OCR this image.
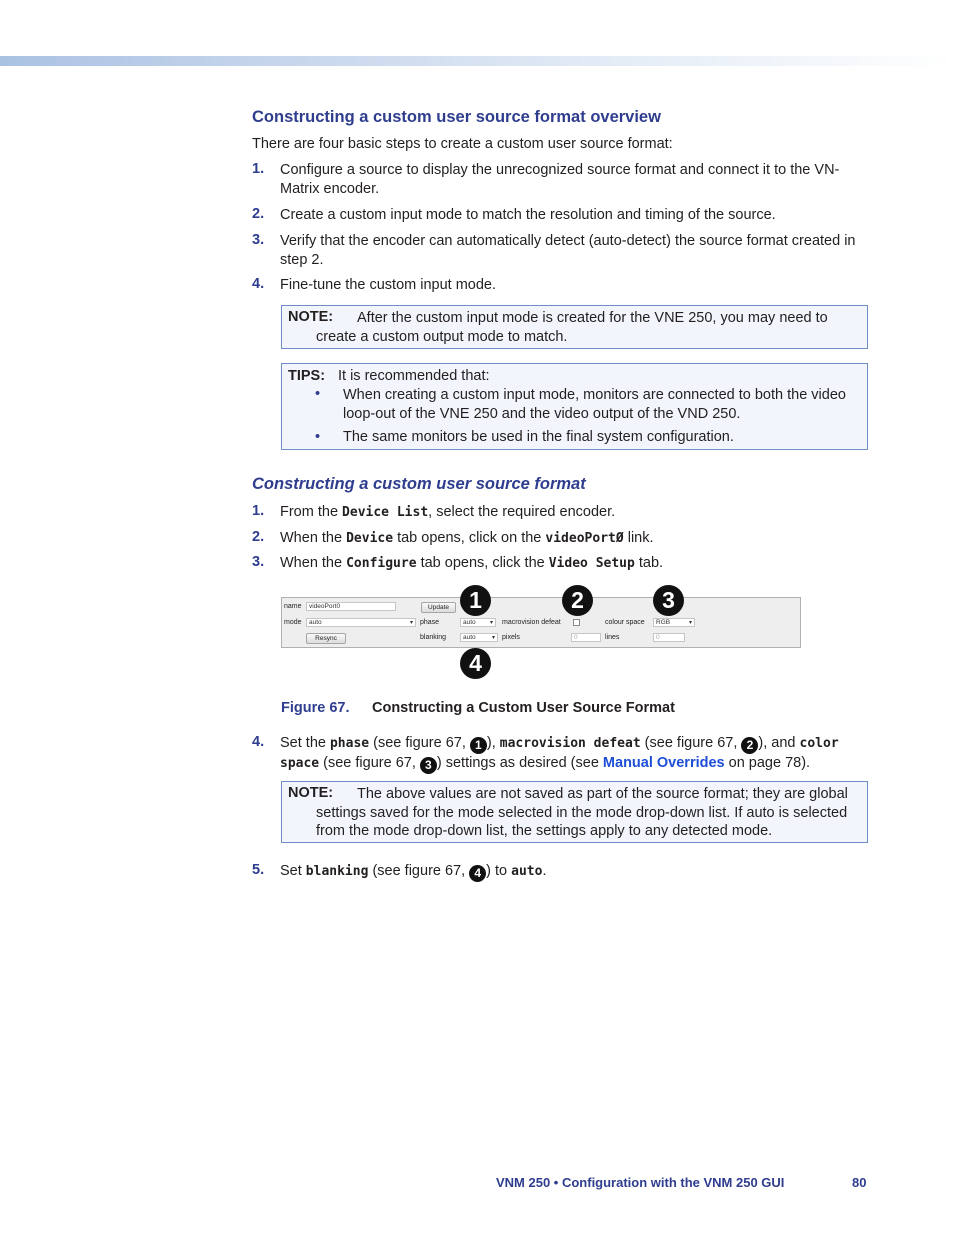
Constructing a custom user source format overview
There are four basic steps to create a custom user source format:
1. Configure a source to display the unrecognized source format and connect it to the VN-Matrix encoder.
2. Create a custom input mode to match the resolution and timing of the source.
3. Verify that the encoder can automatically detect (auto-detect) the source format created in step 2.
4. Fine-tune the custom input mode.
NOTE:	After the custom input mode is created for the VNE 250, you may need to create a custom output mode to match.
TIPS: It is recommended that:
• When creating a custom input mode, monitors are connected to both the video loop-out of the VNE 250 and the video output of the VND 250.
• The same monitors be used in the final system configuration.
Constructing a custom user source format
1. From the Device List, select the required encoder.
2. When the Device tab opens, click on the videoPortØ link.
3. When the Configure tab opens, click the Video Setup tab.
name	videoPort0	Update
mode	auto	▾
Resync
phase	auto ▾
blanking	auto	▾
macrovision defeat
pixels	0
colour space	RGB	▾
lines	0
1	2	3
4
Figure 67. Constructing a Custom User Source Format
4. Set the phase (see figure 67, 1 ), macrovision defeat (see figure 67, 2 ), and color space (see figure 67, 3 ) settings as desired (see Manual Overrides on page 78).
NOTE:	The above values are not saved as part of the source format; they are global settings saved for the mode selected in the mode drop-down list. If auto is selected from the mode drop-down list, the settings apply to any detected mode.
5. Set blanking (see figure 67, 4 ) to auto.
VNM 250 • Configuration with the VNM 250 GUI	80
